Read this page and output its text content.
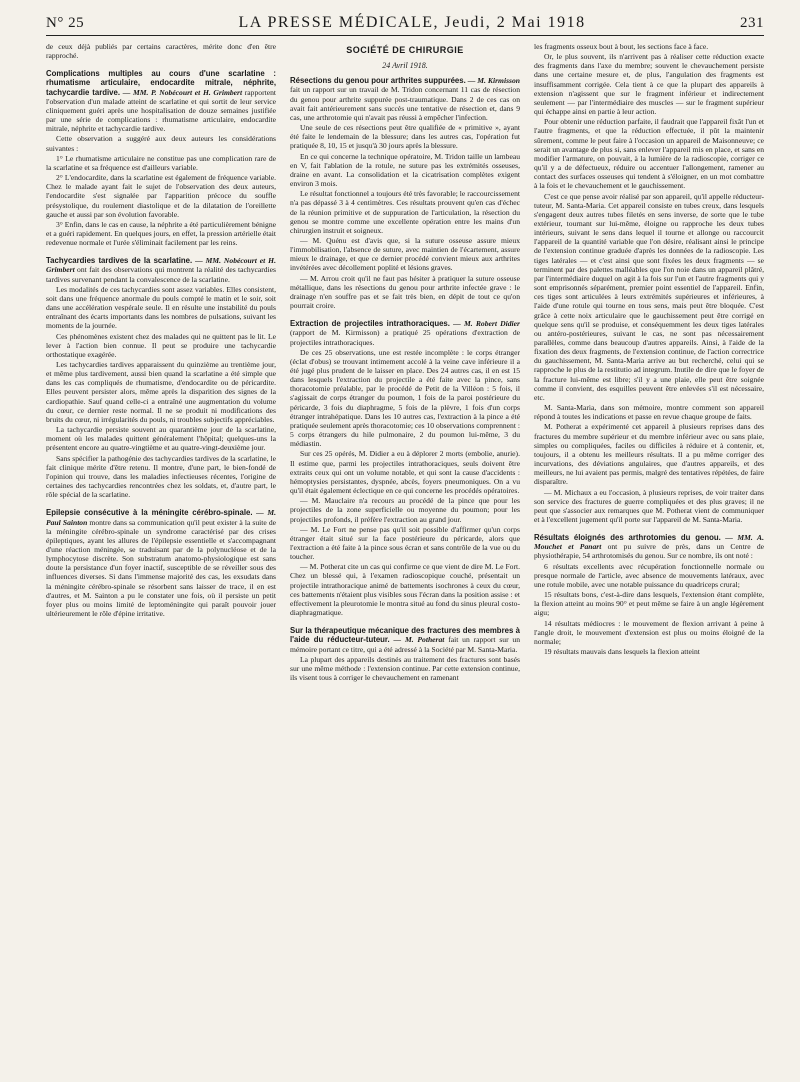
N° 25	LA PRESSE MÉDICALE, Jeudi, 2 Mai 1918	231

de ceux déjà publiés par certains caractères, mérite donc d'en être rapproché.

Complications multiples au cours d'une scarlatine : rhumatisme articulaire, endocardite mitrale, néphrite, tachycardie tardive. — MM. P. Nobécourt et H. Grimbert rapportent l'observation d'un malade atteint de scarlatine et qui sortit de leur service cliniquement guéri après une hospitalisation de douze semaines justifiée par une série de complications : rhumatisme articulaire, endocardite mitrale, néphrite et tachycardie tardive.

Cette observation a suggéré aux deux auteurs les considérations suivantes :

1° Le rhumatisme articulaire ne constitue pas une complication rare de la scarlatine et sa fréquence est d'ailleurs variable.

2° L'endocardite, dans la scarlatine est également de fréquence variable. Chez le malade ayant fait le sujet de l'observation des deux auteurs, l'endocardite s'est signalée par l'apparition précoce du souffle présystolique, du roulement diastolique et de la dilatation de l'oreillette gauche et aussi par son évolution favorable.

3° Enfin, dans le cas en cause, la néphrite a été particulièrement bénigne et a guéri rapidement. En quelques jours, en effet, la pression artérielle était redevenue normale et l'urée s'éliminait facilement par les reins.

Tachycardies tardives de la scarlatine. — MM. Nobécourt et H. Grimbert ont fait des observations qui montrent la réalité des tachycardies tardives survenant pendant la convalescence de la scarlatine.

Les modalités de ces tachycardies sont assez variables. Elles consistent, soit dans une fréquence anormale du pouls compté le matin et le soir, soit dans une accélération vespérale seule. Il en résulte une instabilité du pouls entraînant des écarts importants dans les nombres de pulsations, suivant les moments de la journée.

Ces phénomènes existent chez des malades qui ne quittent pas le lit. Le lever à l'action bien connue. Il peut se produire une tachycardie orthostatique exagérée.

Les tachycardies tardives apparaissent du quinzième au trentième jour, et même plus tardivement, aussi bien quand la scarlatine a été simple que dans les cas compliqués de rhumatisme, d'endocardite ou de péricardite. Elles peuvent persister alors, même après la disparition des signes de la cardiopathie. Sauf quand celle-ci a entraîné une augmentation du volume du cœur, ce dernier reste normal. Il ne se produit ni modifications des bruits du cœur, ni irrégularités du pouls, ni troubles subjectifs appréciables.

La tachycardie persiste souvent au quarantième jour de la scarlatine, moment où les malades quittent généralement l'hôpital; quelques-uns la présentent encore au quatre-vingtième et au quatre-vingt-deuxième jour.

Sans spécifier la pathogénie des tachycardies tardives de la scarlatine, le fait clinique mérite d'être retenu. Il montre, d'une part, le bien-fondé de l'opinion qui trouve, dans les maladies infectieuses récentes, l'origine de certaines des tachycardies rencontrées chez les soldats, et, d'autre part, le rôle spécial de la scarlatine.

Epilepsie consécutive à la méningite cérébro-spinale. — M. Paul Sainton montre dans sa communication qu'il peut exister à la suite de la méningite cérébro-spinale un syndrome caractérisé par des crises épileptiques, ayant les allures de l'épilepsie essentielle et s'accompagnant d'une réaction méningée, se traduisant par de la polynucléose et de la lymphocytose discrète. Son substratum anatomo-physiologique est sans doute la persistance d'un foyer inactif, susceptible de se réveiller sous des influences diverses. Si dans l'immense majorité des cas, les exsudats dans la méningite cérébro-spinale se résorbent sans laisser de trace, il en est d'autres, et M. Sainton a pu le constater une fois, où il persiste un petit foyer plus ou moins limité de leptoméningite qui paraît pouvoir jouer ultérieurement le rôle d'épine irritative.

SOCIÉTÉ DE CHIRURGIE
24 Avril 1918.

Résections du genou pour arthrites suppurées. — M. Kirmisson fait un rapport sur un travail de M. Tridon concernant 11 cas de résection du genou pour arthrite suppurée post-traumatique. Dans 2 de ces cas on avait fait antérieurement sans succès une tentative de résection et, dans 9 cas, une arthrotomie qui n'avait pas réussi à empêcher l'infection.

Une seule de ces résections peut être qualifiée de « primitive », ayant été faite le lendemain de la blessure; dans les autres cas, l'opération fut pratiquée 8, 10, 15 et jusqu'à 30 jours après la blessure.

En ce qui concerne la technique opératoire, M. Tridon taille un lambeau en V, fait l'ablation de la rotule, ne suture pas les extrémités osseuses, draine en avant. La consolidation et la cicatrisation complètes exigent environ 3 mois.

Le résultat fonctionnel a toujours été très favorable; le raccourcissement n'a pas dépassé 3 à 4 centimètres. Ces résultats prouvent qu'en cas d'échec de la réunion primitive et de suppuration de l'articulation, la résection du genou se montre comme une excellente opération entre les mains d'un chirurgien instruit et soigneux.

— M. Quénu est d'avis que, si la suture osseuse assure mieux l'immobilisation, l'absence de suture, avec maintien de l'écartement, assure mieux le drainage, et que ce dernier procédé convient mieux aux arthrites invétérées avec décollement poplité et lésions graves.

— M. Arrou croit qu'il ne faut pas hésiter à pratiquer la suture osseuse métallique, dans les résections du genou pour arthrite infectée grave : le drainage n'en souffre pas et se fait très bien, en dépit de tout ce qu'on pourrait croire.

Extraction de projectiles intrathoraciques. — M. Robert Didier (rapport de M. Kirmisson) a pratiqué 25 opérations d'extraction de projectiles intrathoraciques.

De ces 25 observations, une est restée incomplète : le corps étranger (éclat d'obus) se trouvant intimement accolé à la veine cave inférieure il a été jugé plus prudent de le laisser en place. Des 24 autres cas, il en est 15 dans lesquels l'extraction du projectile a été faite avec la pince, sans thoracotomie préalable, par le procédé de Petit de la Villéon : 5 fois, il s'agissait de corps étranger du poumon, 1 fois de la paroi postérieure du péricarde, 3 fois du diaphragme, 5 fois de la plèvre, 1 fois d'un corps étranger intrahépatique. Dans les 10 autres cas, l'extraction à la pince a été pratiquée seulement après thoracotomie; ces 10 observations comprennent : 5 corps étrangers du hile pulmonaire, 2 du poumon lui-même, 3 du médiastin.

Sur ces 25 opérés, M. Didier a eu à déplorer 2 morts (embolie, anurie). Il estime que, parmi les projectiles intrathoraciques, seuls doivent être extraits ceux qui ont un volume notable, et qui sont la cause d'accidents : hémoptysies persistantes, dyspnée, abcès, foyers pneumoniques. On a vu qu'il était également éclectique en ce qui concerne les procédés opératoires.

— M. Mauclaire n'a recours au procédé de la pince que pour les projectiles de la zone superficielle ou moyenne du poumon; pour les projectiles profonds, il préfère l'extraction au grand jour.

— M. Le Fort ne pense pas qu'il soit possible d'affirmer qu'un corps étranger était situé sur la face postérieure du péricarde, alors que l'extraction a été faite à la pince sous écran et sans contrôle de la vue ou du toucher.

— M. Potherat cite un cas qui confirme ce que vient de dire M. Le Fort. Chez un blessé qui, à l'examen radioscopique couché, présentait un projectile intrathoracique animé de battements isochrones à ceux du cœur, ces battements n'étaient plus visibles sous l'écran dans la position assise : et effectivement la pleurotomie le montra situé au fond du sinus pleural costo-diaphragmatique.

Sur la thérapeutique mécanique des fractures des membres à l'aide du réducteur-tuteur. — M. Potherat fait un rapport sur un mémoire portant ce titre, qui a été adressé à la Société par M. Santa-Maria.

La plupart des appareils destinés au traitement des fractures sont basés sur une même méthode : l'extension continue. Par cette extension continue, ils visent tous à corriger le chevauchement en ramenant

les fragments osseux bout à bout, les sections face à face.

Or, le plus souvent, ils n'arrivent pas à réaliser cette réduction exacte des fragments dans l'axe du membre; souvent le chevauchement persiste dans une certaine mesure et, de plus, l'angulation des fragments est insuffisamment corrigée. Cela tient à ce que la plupart des appareils à extension n'agissent que sur le fragment inférieur et indirectement seulement — par l'intermédiaire des muscles — sur le fragment supérieur qui échappe ainsi en partie à leur action.

Pour obtenir une réduction parfaite, il faudrait que l'appareil fixât l'un et l'autre fragments, et que la réduction effectuée, il pût la maintenir sûrement, comme le peut faire à l'occasion un appareil de Maisonneuve; ce serait un avantage de plus si, sans enlever l'appareil mis en place, et sans en modifier l'armature, on pouvait, à la lumière de la radioscopie, corriger ce qu'il y a de défectueux, réduire ou accentuer l'allongement, ramener au contact des surfaces osseuses qui tendent à s'éloigner, en un mot combattre à la fois et le chevauchement et le gauchissement.

C'est ce que pense avoir réalisé par son appareil, qu'il appelle réducteur-tuteur, M. Santa-Maria. Cet appareil consiste en tubes creux, dans lesquels s'engagent deux autres tubes filetés en sens inverse, de sorte que le tube extérieur, tournant sur lui-même, éloigne ou rapproche les deux tubes intérieurs, suivant le sens dans lequel il tourne et allonge ou raccourcit l'appareil de la quantité variable que l'on désire, réalisant ainsi le principe de l'extension continue graduée d'après les données de la radioscopie. Les tiges latérales — et c'est ainsi que sont fixées les deux fragments — se terminent par des palettes malléables que l'on noie dans un appareil plâtré, par l'intermédiaire duquel on agit à la fois sur l'un et l'autre fragments qui y sont emprisonnés séparément, premier point essentiel de l'appareil. Enfin, ces tiges sont articulées à leurs extrémités supérieures et inférieures, à l'aide d'une rotule qui tourne en tous sens, mais peut être bloquée. C'est grâce à cette noix articulaire que le gauchissement peut être corrigé en quelque sens qu'il se produise, et conséquemment les deux tiges latérales ou antéro-postérieures, suivant le cas, ne sont pas nécessairement parallèles, comme dans beaucoup d'autres appareils. Ainsi, à l'aide de la fixation des deux fragments, de l'extension continue, de l'action correctrice du gauchissement, M. Santa-Maria arrive au but recherché, celui qui se rapproche le plus de la restitutio ad integrum. Inutile de dire que le foyer de la fracture lui-même est libre; s'il y a une plaie, elle peut être soignée comme il convient, des esquilles peuvent être enlevées s'il est nécessaire, etc.

M. Santa-Maria, dans son mémoire, montre comment son appareil répond à toutes les indications et passe en revue chaque groupe de faits.

M. Potherat a expérimenté cet appareil à plusieurs reprises dans des fractures du membre supérieur et du membre inférieur avec ou sans plaie, simples ou compliquées, faciles ou difficiles à réduire et à contenir, et, toujours, il a obtenu les meilleurs résultats. Il a pu même corriger des incurvations, des déviations angulaires, que d'autres appareils, et des meilleurs, ne lui avaient pas permis, malgré des tentatives répétées, de faire disparaître.

— M. Michaux a eu l'occasion, à plusieurs reprises, de voir traiter dans son service des fractures de guerre compliquées et des plus graves; il ne peut que s'associer aux remarques que M. Potherat vient de communiquer et à l'excellent jugement qu'il porte sur l'appareil de M. Santa-Maria.

Résultats éloignés des arthrotomies du genou. — MM. A. Mouchet et Panart ont pu suivre de près, dans un Centre de physiothérapie, 54 arthrotomisés du genou. Sur ce nombre, ils ont noté :

6 résultats excellents avec récupération fonctionnelle normale ou presque normale de l'article, avec absence de mouvements latéraux, avec une rotule mobile, avec une notable puissance du quadriceps crural;

15 résultats bons, c'est-à-dire dans lesquels, l'extension étant complète, la flexion atteint au moins 90° et peut même se faire à un angle légèrement aigu;

14 résultats médiocres : le mouvement de flexion arrivant à peine à l'angle droit, le mouvement d'extension est plus ou moins éloigné de la normale;

19 résultats mauvais dans lesquels la flexion atteint
